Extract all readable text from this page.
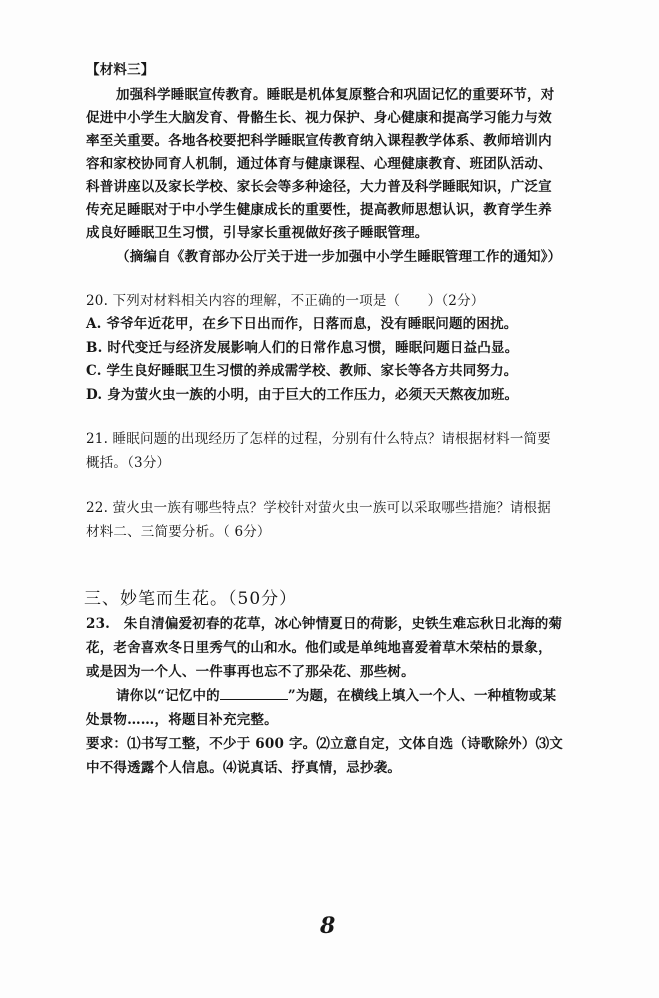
【材料三】
加强科学睡眠宣传教育。睡眠是机体复原整合和巩固记忆的重要环节，对
促进中小学生大脑发育、骨骼生长、视力保护、身心健康和提高学习能力与效
率至关重要。各地各校要把科学睡眠宣传教育纳入课程教学体系、教师培训内
容和家校协同育人机制，通过体育与健康课程、心理健康教育、班团队活动、
科普讲座以及家长学校、家长会等多种途径，大力普及科学睡眠知识，广泛宣
传充足睡眠对于中小学生健康成长的重要性，提高教师思想认识，教育学生养
成良好睡眠卫生习惯，引导家长重视做好孩子睡眠管理。
（摘编自《教育部办公厅关于进一步加强中小学生睡眠管理工作的通知》）
20. 下列对材料相关内容的理解，不正确的一项是（　　）（2分）
A. 爷爷年近花甲，在乡下日出而作，日落而息，没有睡眠问题的困扰。
B. 时代变迁与经济发展影响人们的日常作息习惯，睡眠问题日益凸显。
C. 学生良好睡眠卫生习惯的养成需学校、教师、家长等各方共同努力。
D. 身为萤火虫一族的小明，由于巨大的工作压力，必须天天熬夜加班。
21. 睡眠问题的出现经历了怎样的过程，分别有什么特点？请根据材料一简要
概括。（3分）
22. 萤火虫一族有哪些特点？学校针对萤火虫一族可以采取哪些措施？请根据
材料二、三简要分析。（ 6分）
三、妙笔而生花。（50分）
23.　朱自清偏爱初春的花草，冰心钟情夏日的荷影，史铁生难忘秋日北海的菊
花，老舍喜欢冬日里秀气的山和水。他们或是单纯地喜爱着草木荣枯的景象，
或是因为一个人、一件事再也忘不了那朵花、那些树。
请你以“记忆中的	”为题，在横线上填入一个人、一种植物或某
处景物……，将题目补充完整。
要求：⑴书写工整，不少于 600 字。⑵立意自定，文体自选（诗歌除外）⑶文
中不得透露个人信息。⑷说真话、抒真情，忌抄袭。
8
